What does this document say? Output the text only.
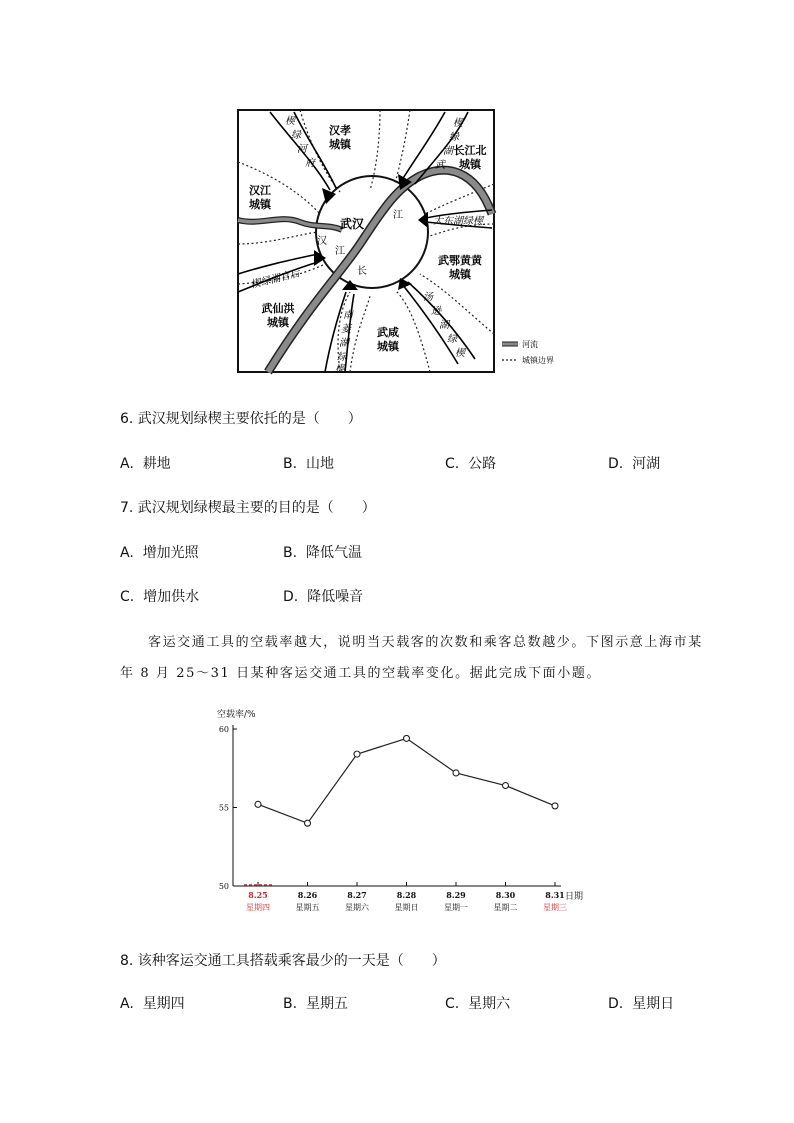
汉孝
城镇	长江北
城镇
汉江
城镇
武鄂黄黄
城镇
武仙洪
城镇
武咸
城镇
武汉
汉
江
长
江
楔
绿
河
府
楔
绿
湖
武
南
菱
湖
绿
楔
汤
逊
湖
绿
楔
大东湖绿楔
楔绿湖官后
河流
城镇边界
6. 武汉规划绿楔主要依托的是（　　）
A. 耕地	B. 山地	C. 公路	D. 河湖
7. 武汉规划绿楔最主要的目的是（　　）
A. 增加光照	B. 降低气温
C. 增加供水	D. 降低噪音
客运交通工具的空载率越大，说明当天载客的次数和乘客总数越少。下图示意上海市某
年 8 月 25～31 日某种客运交通工具的空载率变化。据此完成下面小题。
空载率/%
日期
50
55
60
8.25
星期四
8.26
星期五
8.27
星期六
8.28
星期日
8.29
星期一
8.30
星期二
8.31
星期三
8. 该种客运交通工具搭载乘客最少的一天是（　　）
A. 星期四	B. 星期五	C. 星期六	D. 星期日
